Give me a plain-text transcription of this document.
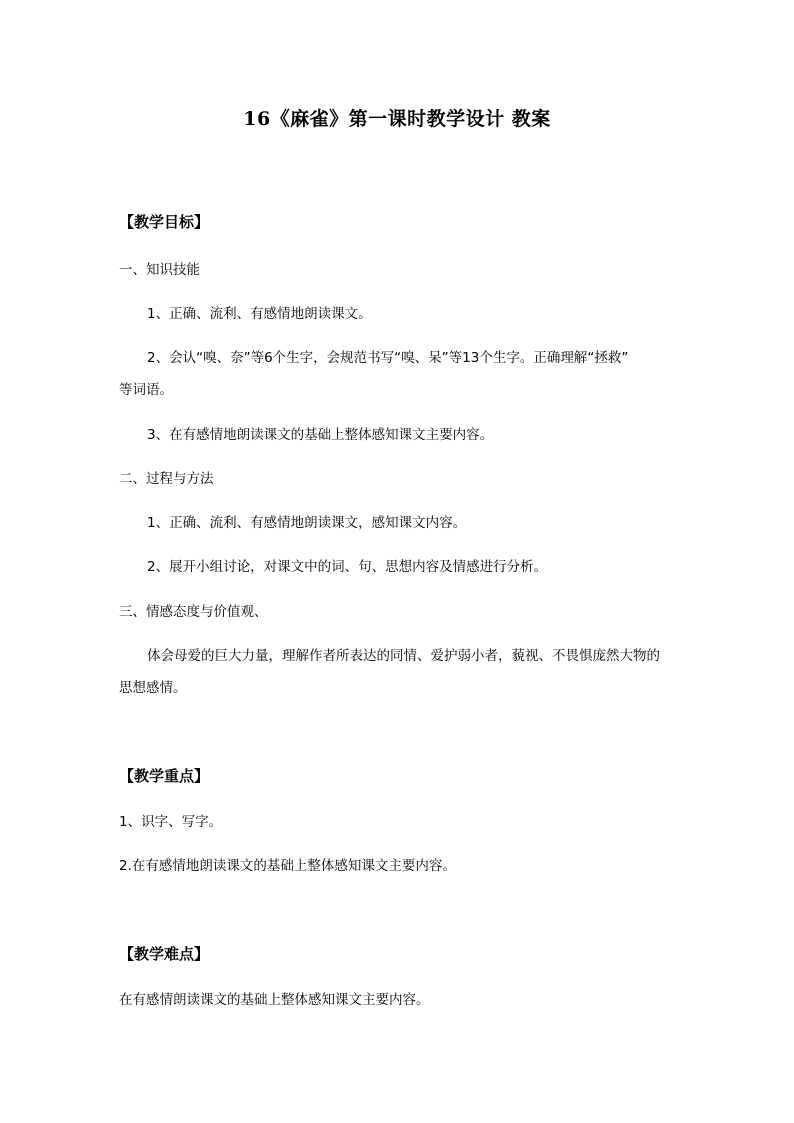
16《麻雀》第一课时教学设计 教案
【教学目标】
一、知识技能
1、正确、流利、有感情地朗读课文。
2、会认“嗅、奈”等6个生字，会规范书写“嗅、呆”等13个生字。正确理解“拯救”
等词语。
3、在有感情地朗读课文的基础上整体感知课文主要内容。
二、过程与方法
1、正确、流利、有感情地朗读课文，感知课文内容。
2、展开小组讨论，对课文中的词、句、思想内容及情感进行分析。
三、情感态度与价值观、
体会母爱的巨大力量，理解作者所表达的同情、爱护弱小者，藐视、不畏惧庞然大物的
思想感情。
【教学重点】
1、识字、写字。
2.在有感情地朗读课文的基础上整体感知课文主要内容。
【教学难点】
在有感情朗读课文的基础上整体感知课文主要内容。
